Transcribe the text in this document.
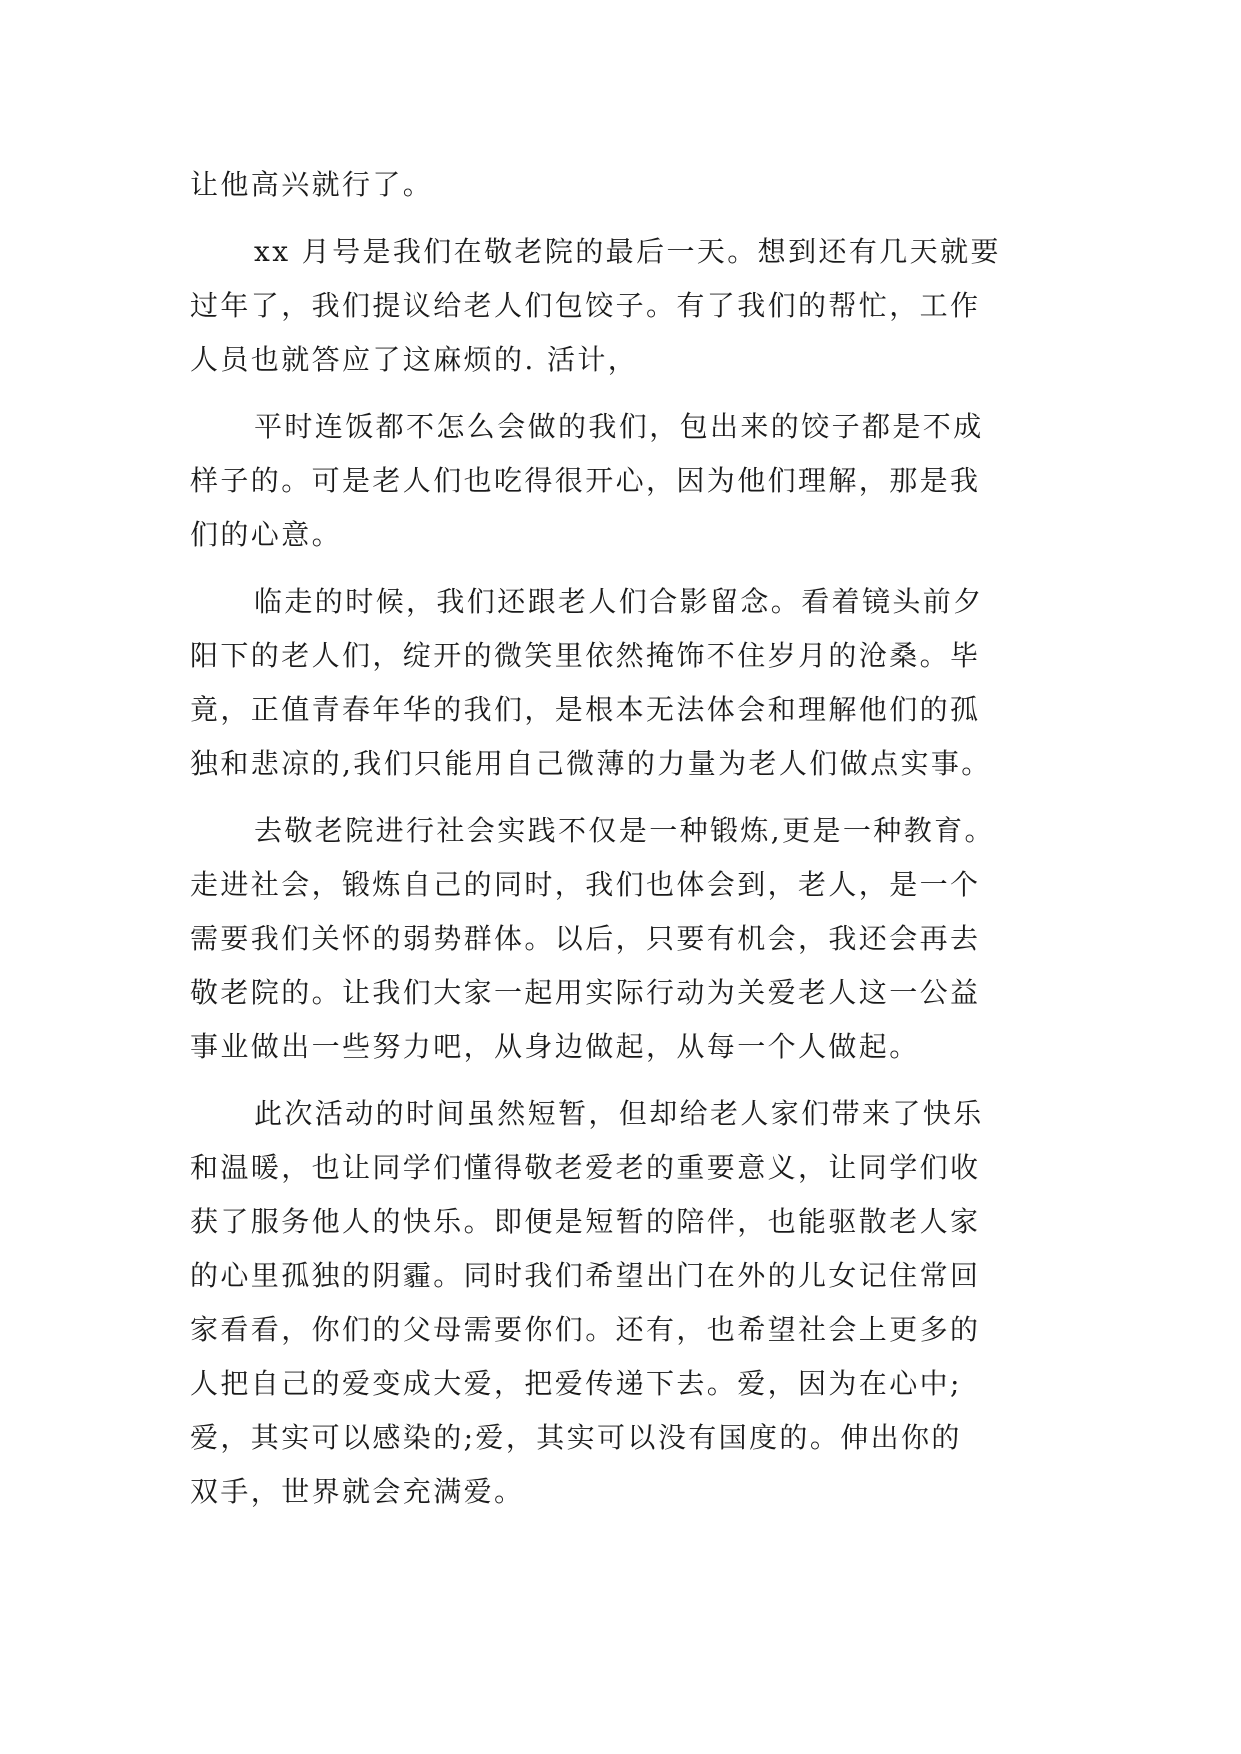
让他高兴就行了。
xx 月号是我们在敬老院的最后一天。想到还有几天就要
过年了，我们提议给老人们包饺子。有了我们的帮忙，工作
人员也就答应了这麻烦的. 活计，
平时连饭都不怎么会做的我们，包出来的饺子都是不成
样子的。可是老人们也吃得很开心，因为他们理解，那是我
们的心意。
临走的时候，我们还跟老人们合影留念。看着镜头前夕
阳下的老人们，绽开的微笑里依然掩饰不住岁月的沧桑。毕
竟，正值青春年华的我们，是根本无法体会和理解他们的孤
独和悲凉的,我们只能用自己微薄的力量为老人们做点实事。
去敬老院进行社会实践不仅是一种锻炼,更是一种教育。
走进社会，锻炼自己的同时，我们也体会到，老人，是一个
需要我们关怀的弱势群体。以后，只要有机会，我还会再去
敬老院的。让我们大家一起用实际行动为关爱老人这一公益
事业做出一些努力吧，从身边做起，从每一个人做起。
此次活动的时间虽然短暂，但却给老人家们带来了快乐
和温暖，也让同学们懂得敬老爱老的重要意义，让同学们收
获了服务他人的快乐。即便是短暂的陪伴，也能驱散老人家
的心里孤独的阴霾。同时我们希望出门在外的儿女记住常回
家看看，你们的父母需要你们。还有，也希望社会上更多的
人把自己的爱变成大爱，把爱传递下去。爱，因为在心中;
爱，其实可以感染的;爱，其实可以没有国度的。伸出你的
双手，世界就会充满爱。
